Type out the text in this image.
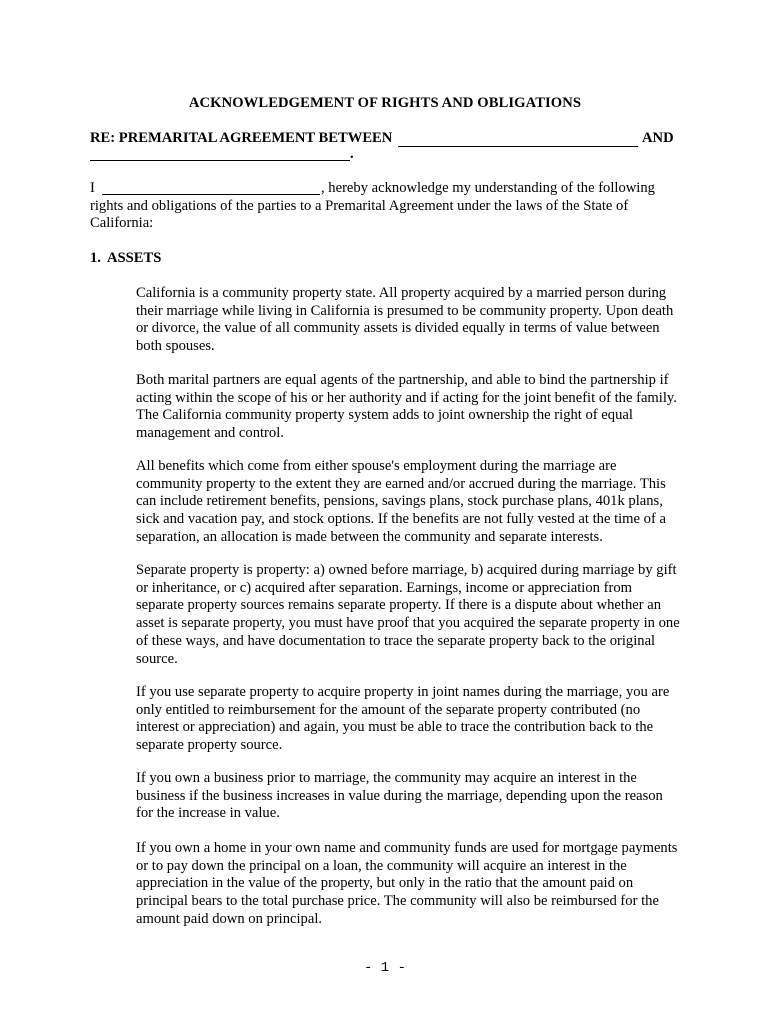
ACKNOWLEDGEMENT OF RIGHTS AND OBLIGATIONS
RE: PREMARITAL AGREEMENT BETWEEN	AND
.
I	, hereby acknowledge my understanding of the following
rights and obligations of the parties to a Premarital Agreement under the laws of the State of
California:
1. ASSETS
California is a community property state. All property acquired by a married person during
their marriage while living in California is presumed to be community property. Upon death
or divorce, the value of all community assets is divided equally in terms of value between
both spouses.
Both marital partners are equal agents of the partnership, and able to bind the partnership if
acting within the scope of his or her authority and if acting for the joint benefit of the family.
The California community property system adds to joint ownership the right of equal
management and control.
All benefits which come from either spouse's employment during the marriage are
community property to the extent they are earned and/or accrued during the marriage. This
can include retirement benefits, pensions, savings plans, stock purchase plans, 401k plans,
sick and vacation pay, and stock options. If the benefits are not fully vested at the time of a
separation, an allocation is made between the community and separate interests.
Separate property is property: a) owned before marriage, b) acquired during marriage by gift
or inheritance, or c) acquired after separation. Earnings, income or appreciation from
separate property sources remains separate property. If there is a dispute about whether an
asset is separate property, you must have proof that you acquired the separate property in one
of these ways, and have documentation to trace the separate property back to the original
source.
If you use separate property to acquire property in joint names during the marriage, you are
only entitled to reimbursement for the amount of the separate property contributed (no
interest or appreciation) and again, you must be able to trace the contribution back to the
separate property source.
If you own a business prior to marriage, the community may acquire an interest in the
business if the business increases in value during the marriage, depending upon the reason
for the increase in value.
If you own a home in your own name and community funds are used for mortgage payments
or to pay down the principal on a loan, the community will acquire an interest in the
appreciation in the value of the property, but only in the ratio that the amount paid on
principal bears to the total purchase price. The community will also be reimbursed for the
amount paid down on principal.
- 1 -
